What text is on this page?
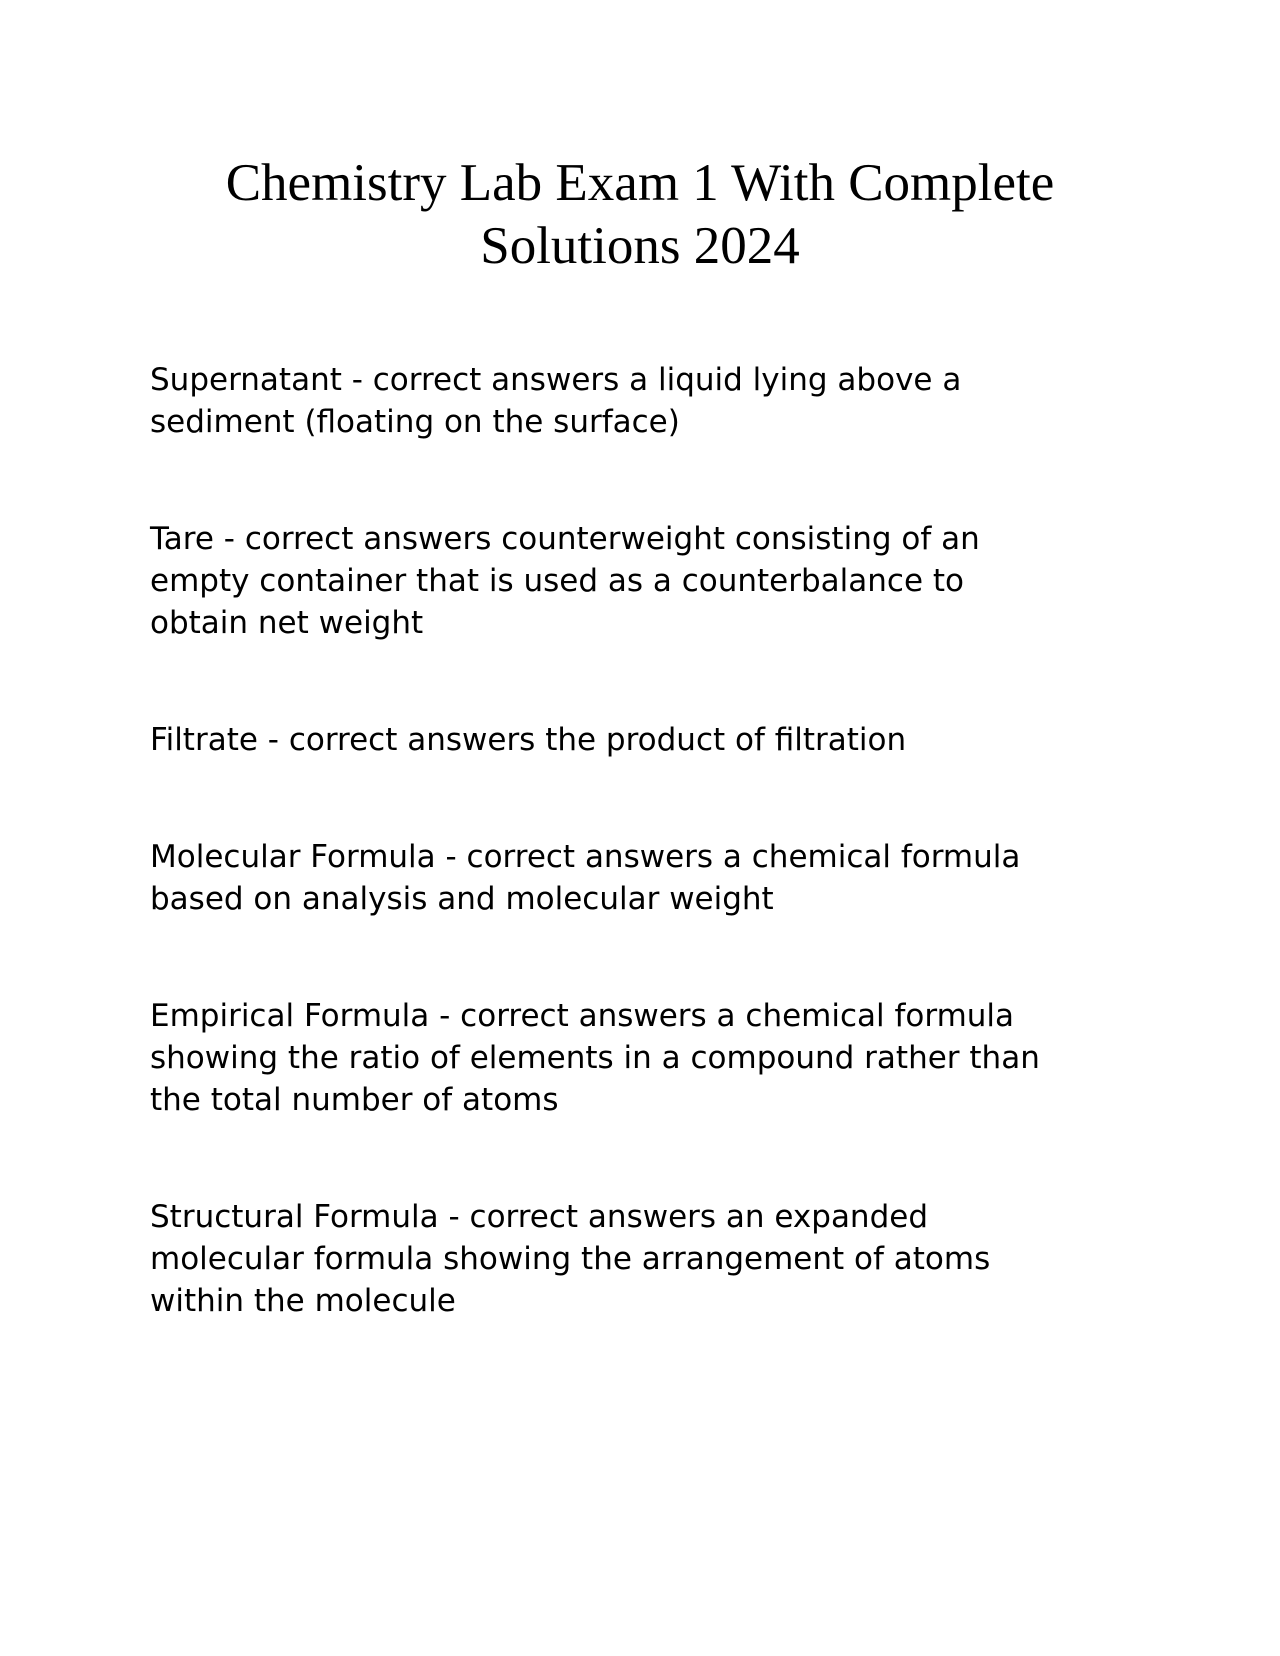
Chemistry Lab Exam 1 With Complete
Solutions 2024

Supernatant - correct answers a liquid lying above a
sediment (floating on the surface)

Tare - correct answers counterweight consisting of an
empty container that is used as a counterbalance to
obtain net weight

Filtrate - correct answers the product of filtration

Molecular Formula - correct answers a chemical formula
based on analysis and molecular weight

Empirical Formula - correct answers a chemical formula
showing the ratio of elements in a compound rather than
the total number of atoms

Structural Formula - correct answers an expanded
molecular formula showing the arrangement of atoms
within the molecule
